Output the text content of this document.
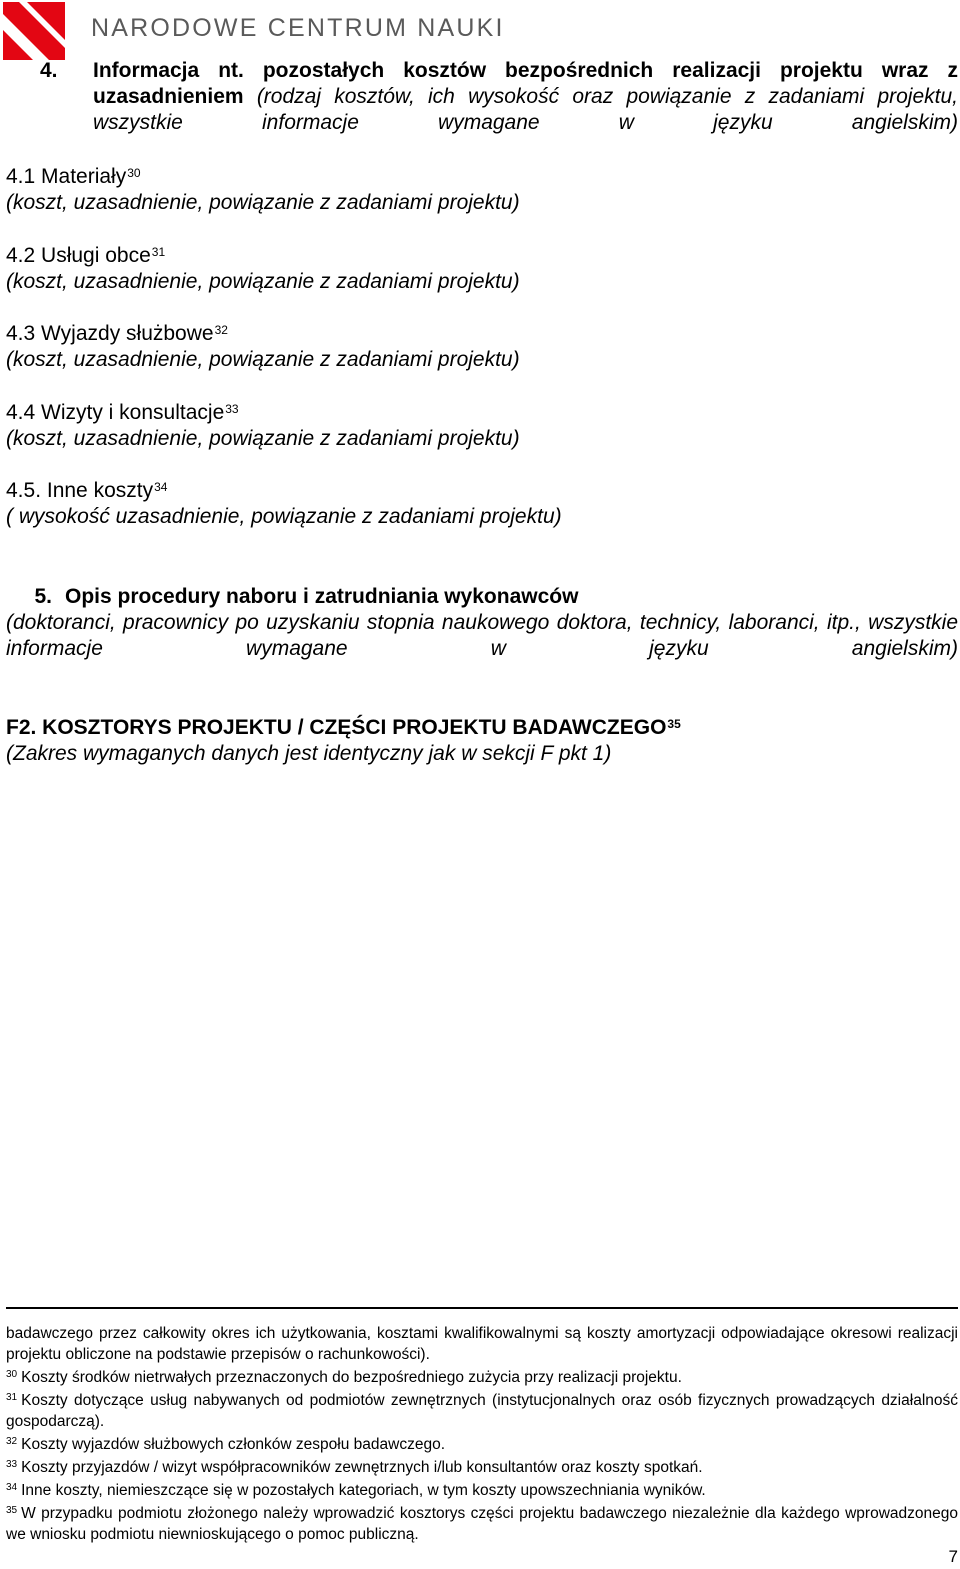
NARODOWE CENTRUM NAUKI
4. Informacja nt. pozostałych kosztów bezpośrednich realizacji projektu wraz z uzasadnieniem (rodzaj kosztów, ich wysokość oraz powiązanie z zadaniami projektu, wszystkie informacje wymagane w języku angielskim)
4.1 Materiały$^{30}$
(koszt, uzasadnienie, powiązanie z zadaniami projektu)
4.2 Usługi obce$^{31}$
(koszt, uzasadnienie, powiązanie z zadaniami projektu)
4.3 Wyjazdy służbowe$^{32}$
(koszt, uzasadnienie, powiązanie z zadaniami projektu)
4.4 Wizyty i konsultacje$^{33}$
(koszt, uzasadnienie, powiązanie z zadaniami projektu)
4.5. Inne koszty$^{34}$
( wysokość uzasadnienie, powiązanie z zadaniami projektu)
5. Opis procedury naboru i zatrudniania wykonawców
(doktoranci, pracownicy po uzyskaniu stopnia naukowego doktora, technicy, laboranci, itp., wszystkie informacje wymagane w języku angielskim)
F2. KOSZTORYS PROJEKTU / CZĘŚCI PROJEKTU BADAWCZEGO$^{35}$
(Zakres wymaganych danych jest identyczny jak w sekcji F pkt 1)
badawczego przez całkowity okres ich użytkowania, kosztami kwalifikowalnymi są koszty amortyzacji odpowiadające okresowi realizacji projektu obliczone na podstawie przepisów o rachunkowości).
$^{30}$ Koszty środków nietrwałych przeznaczonych do bezpośredniego zużycia przy realizacji projektu.
$^{31}$ Koszty dotyczące usług nabywanych od podmiotów zewnętrznych (instytucjonalnych oraz osób fizycznych prowadzących działalność gospodarczą).
$^{32}$ Koszty wyjazdów służbowych członków zespołu badawczego.
$^{33}$ Koszty przyjazdów / wizyt współpracowników zewnętrznych i/lub konsultantów oraz koszty spotkań.
$^{34}$ Inne koszty, niemieszczące się w pozostałych kategoriach, w tym koszty upowszechniania wyników.
$^{35}$ W przypadku podmiotu złożonego należy wprowadzić kosztorys części projektu badawczego niezależnie dla każdego wprowadzonego we wniosku podmiotu niewnioskującego o pomoc publiczną.
7
